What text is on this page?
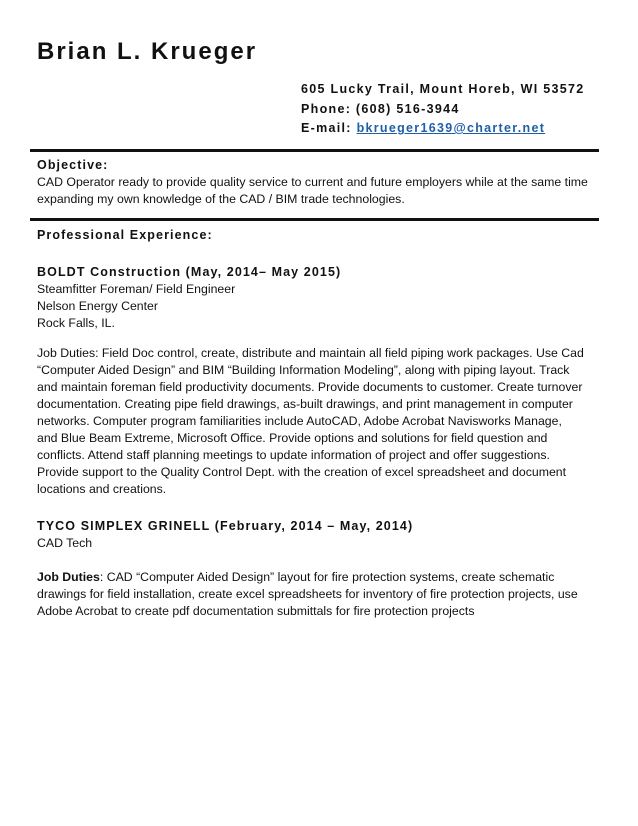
Brian L. Krueger
605 Lucky Trail, Mount Horeb, WI 53572
Phone: (608) 516-3944
E-mail: bkrueger1639@charter.net
Objective:
CAD Operator ready to provide quality service to current and future employers while at the same time
expanding my own knowledge of the CAD / BIM trade technologies.
Professional Experience:
BOLDT Construction (May, 2014– May 2015)
Steamfitter Foreman/ Field Engineer
Nelson Energy Center
Rock Falls, IL.
Job Duties: Field Doc control, create, distribute and maintain all field piping work packages. Use Cad
“Computer Aided Design” and BIM “Building Information Modeling”, along with piping layout. Track
and maintain foreman field productivity documents. Provide documents to customer. Create turnover
documentation. Creating pipe field drawings, as-built drawings, and print management in computer
networks. Computer program familiarities include AutoCAD, Adobe Acrobat Navisworks Manage,
and Blue Beam Extreme, Microsoft Office. Provide options and solutions for field question and
conflicts. Attend staff planning meetings to update information of project and offer suggestions.
Provide support to the Quality Control Dept. with the creation of excel spreadsheet and document
locations and creations.
TYCO SIMPLEX GRINELL (February, 2014 – May, 2014)
CAD Tech
Job Duties: CAD “Computer Aided Design” layout for fire protection systems, create schematic
drawings for field installation, create excel spreadsheets for inventory of fire protection projects, use
Adobe Acrobat to create pdf documentation submittals for fire protection projects
